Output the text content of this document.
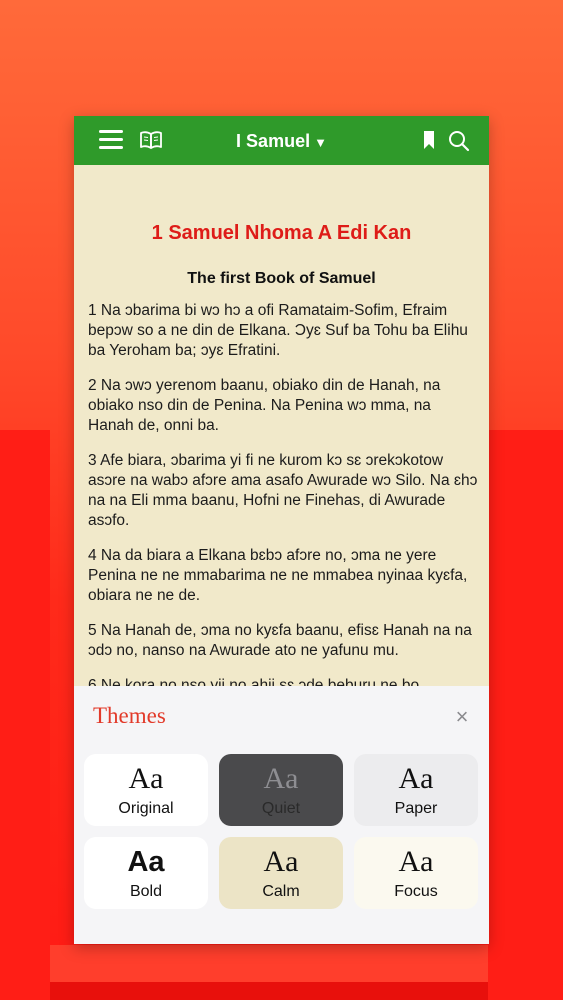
I Samuel ▼
1 Samuel Nhoma A Edi Kan
The first Book of Samuel

1 Na ɔbarima bi wɔ hɔ a ofi Ramataim-Sofim, Efraim bepɔw so a ne din de Elkana. Ɔyɛ Suf ba Tohu ba Elihu ba Yeroham ba; ɔyɛ Efratini.

2 Na ɔwɔ yerenom baanu, obiako din de Hanah, na obiako nso din de Penina. Na Penina wɔ mma, na Hanah de, onni ba.

3 Afe biara, ɔbarima yi fi ne kurom kɔ sɛ ɔrekɔkotow asɔre na wabɔ afɔre ama asafo Awurade wɔ Silo. Na ɛhɔ na na Eli mma baanu, Hofni ne Finehas, di Awurade asɔfo.

4 Na da biara a Elkana bɛbɔ afɔre no, ɔma ne yere Penina ne ne mmabarima ne ne mmabea nyinaa kyɛfa, obiara ne ne de.

5 Na Hanah de, ɔma no kyɛfa baanu, efisɛ Hanah na na ɔdɔ no, nanso na Awurade ato ne yafunu mu.

Themes	×
Aa
Original
Aa
Quiet
Aa
Paper
Aa
Bold
Aa
Calm
Aa
Focus
